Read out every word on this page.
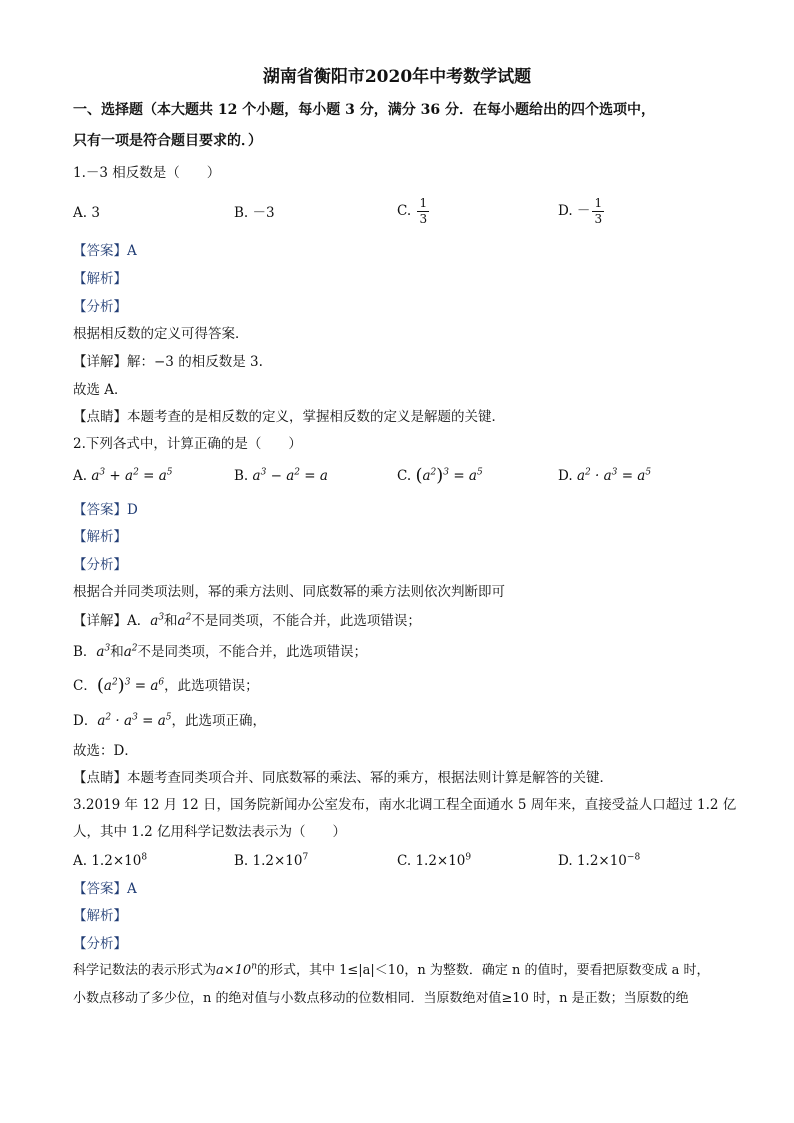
湖南省衡阳市2020年中考数学试题
一、选择题（本大题共 12 个小题，每小题 3 分，满分 36 分．在每小题给出的四个选项中，
只有一项是符合题目要求的．）
1.－3 相反数是（　　）
A. 3	B. －3	C. $\frac{1}{3}$	D. － $\frac{1}{3}$
【答案】A
【解析】
【分析】
根据相反数的定义可得答案．
【详解】解：−3 的相反数是 3.
故选 A．
【点睛】本题考查的是相反数的定义，掌握相反数的定义是解题的关键．
2.下列各式中，计算正确的是（　　）
A. $a^3 + a^2 = a^5$	B. $a^3 - a^2 = a$	C. $(a^2)^3 = a^5$	D. $a^2 \cdot a^3 = a^5$
【答案】D
【解析】
【分析】
根据合并同类项法则，幂的乘方法则、同底数幂的乘方法则依次判断即可
【详解】A．$a^3$和$a^2$不是同类项，不能合并，此选项错误；
B．$a^3$和$a^2$不是同类项，不能合并，此选项错误；
C．$(a^2)^3 = a^6$，此选项错误；
D．$a^2 \cdot a^3 = a^5$，此选项正确，
故选：D．
【点睛】本题考查同类项合并、同底数幂的乘法、幂的乘方，根据法则计算是解答的关键．
3.2019 年 12 月 12 日，国务院新闻办公室发布，南水北调工程全面通水 5 周年来，直接受益人口超过 1.2 亿
人，其中 1.2 亿用科学记数法表示为（　　）
A. $1.2\times 10^8$	B. $1.2\times 10^7$	C. $1.2\times 10^9$	D. $1.2\times 10^{-8}$
【答案】A
【解析】
【分析】
科学记数法的表示形式为$a\times 10^n$的形式，其中 1≤|a|＜10，n 为整数．确定 n 的值时，要看把原数变成 a 时，
小数点移动了多少位，n 的绝对值与小数点移动的位数相同．当原数绝对值≥10 时，n 是正数；当原数的绝
